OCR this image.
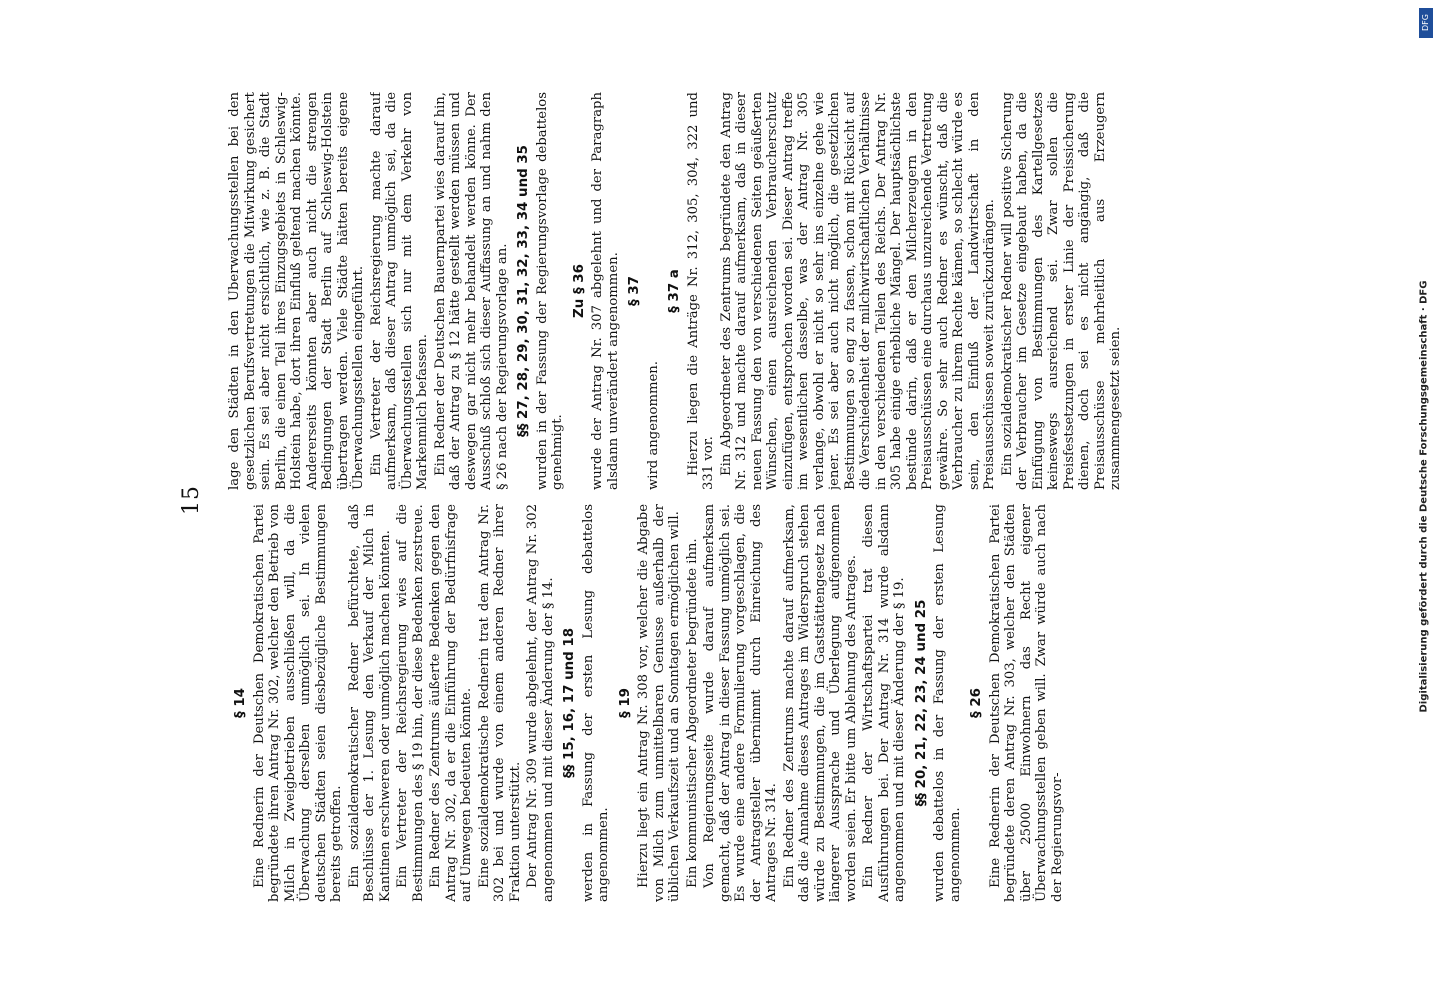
15
§ 14 Eine Rednerin der Deutschen Demokratischen Partei begründete ihren Antrag Nr. 302, welcher den Betrieb von Milch in Zweigbetrieben ausschließen will, da die Überwachung derselben unmöglich sei. In vielen deutschen Städten seien diesbezügliche Bestimmungen bereits getroffen. Ein sozialdemokratischer Redner befürchtete, daß Beschlüsse der 1. Lesung den Verkauf der Milch in Kantinen erschweren oder unmöglich machen könnten. Ein Vertreter der Reichsregierung wies auf die Bestimmungen des § 19 hin, der diese Bedenken zerstreue. Ein Redner des Zentrums äußerte Bedenken gegen den Antrag Nr. 302, da er die Einführung der Bedürfnisfrage auf Umwegen bedeuten könnte. Eine sozialdemokratische Rednerin trat dem Antrag Nr. 302 bei und wurde von einem anderen Redner ihrer Fraktion unterstützt. Der Antrag Nr. 309 wurde abgelehnt, der Antrag Nr. 302 angenommen und mit dieser Änderung der § 14. §§ 15, 16, 17 und 18 werden in Fassung der ersten Lesung debattelos angenommen.

§ 19 Hierzu liegt ein Antrag Nr. 308 vor, welcher die Abgabe von Milch zum unmittelbaren Genusse außerhalb der üblichen Verkaufszeit und an Sonntagen ermöglichen will. Ein kommunistischer Abgeordneter begründete ihn. Von Regierungsseite wurde darauf aufmerksam gemacht, daß der Antrag in dieser Fassung unmöglich sei. Es wurde eine andere Formulierung vorgeschlagen, die der Antragsteller übernimmt durch Einreichung des Antrages Nr. 314. Ein Redner des Zentrums machte darauf aufmerksam, daß die Annahme dieses Antrages im Widerspruch stehen würde zu Bestimmungen, die im Gaststättengesetz nach längerer Aussprache und Überlegung aufgenommen worden seien. Er bitte um Ablehnung des Antrages. Ein Redner der Wirtschaftspartei trat diesen Ausführungen bei. Der Antrag Nr. 314 wurde alsdann angenommen und mit dieser Änderung der § 19. §§ 20, 21, 22, 23, 24 und 25 wurden debattelos in der Fassung der ersten Lesung angenommen.

§ 26 Eine Rednerin der Deutschen Demokratischen Partei begründete deren Antrag Nr. 303, welcher den Städten über 25000 Einwohnern das Recht eigener Überwachungsstellen geben will. Zwar würde auch nach der Regierungsvor-

lage den Städten in den Überwachungsstellen bei den gesetzlichen Berufsvertretungen die Mitwirkung gesichert sein. Es sei aber nicht ersichtlich, wie z. B. die Stadt Berlin, die einen Teil ihres Einzugsgebiets in Schleswig-Holstein habe, dort ihren Einfluß geltend machen könnte. Andererseits könnten aber auch nicht die strengen Bedingungen der Stadt Berlin auf Schleswig-Holstein übertragen werden. Viele Städte hätten bereits eigene Überwachungsstellen eingeführt. Ein Vertreter der Reichsregierung machte darauf aufmerksam, daß dieser Antrag unmöglich sei, da die Überwachungsstellen sich nur mit dem Verkehr von Markenmilch befassen. Ein Redner der Deutschen Bauernpartei wies darauf hin, daß der Antrag zu § 12 hätte gestellt werden müssen und deswegen gar nicht mehr behandelt werden könne. Der Ausschuß schloß sich dieser Auffassung an und nahm den § 26 nach der Regierungsvorlage an. §§ 27, 28, 29, 30, 31, 32, 33, 34 und 35 wurden in der Fassung der Regierungsvorlage debattelos genehmigt.

Zu § 36 wurde der Antrag Nr. 307 abgelehnt und der Paragraph alsdann unverändert angenommen. § 37

wird angenommen.

§ 37 a Hierzu liegen die Anträge Nr. 312, 305, 304, 322 und 331 vor. Ein Abgeordneter des Zentrums begründete den Antrag Nr. 312 und machte darauf aufmerksam, daß in dieser neuen Fassung den von verschiedenen Seiten geäußerten Wünschen, einen ausreichenden Verbraucherschutz einzufügen, entsprochen worden sei. Dieser Antrag treffe im wesentlichen dasselbe, was der Antrag Nr. 305 verlange, obwohl er nicht so sehr ins einzelne gehe wie jener. Es sei aber auch nicht möglich, die gesetzlichen Bestimmungen so eng zu fassen, schon mit Rücksicht auf die Verschiedenheit der milchwirtschaftlichen Verhältnisse in den verschiedenen Teilen des Reichs. Der Antrag Nr. 305 habe einige erhebliche Mängel. Der hauptsächlichste bestünde darin, daß er den Milcherzeugern in den Preisausschüssen eine durchaus unzureichende Vertretung gewähre. So sehr auch Redner es wünscht, daß die Verbraucher zu ihrem Rechte kämen, so schlecht würde es sein, den Einfluß der Landwirtschaft in den Preisausschüssen soweit zurückzudrängen. Ein sozialdemokratischer Redner will positive Sicherung der Verbraucher im Gesetze eingebaut haben, da die Einfügung von Bestimmungen des Kartellgesetzes keineswegs ausreichend sei. Zwar sollen die Preisfestsetzungen in erster Linie der Preissicherung dienen, doch sei es nicht angängig, daß die Preisausschüsse mehrheitlich aus Erzeugern zusammengesetzt seien.	Digitalisierung gefördert durch die Deutsche Forschungsgemeinschaft · DFG
DFG
